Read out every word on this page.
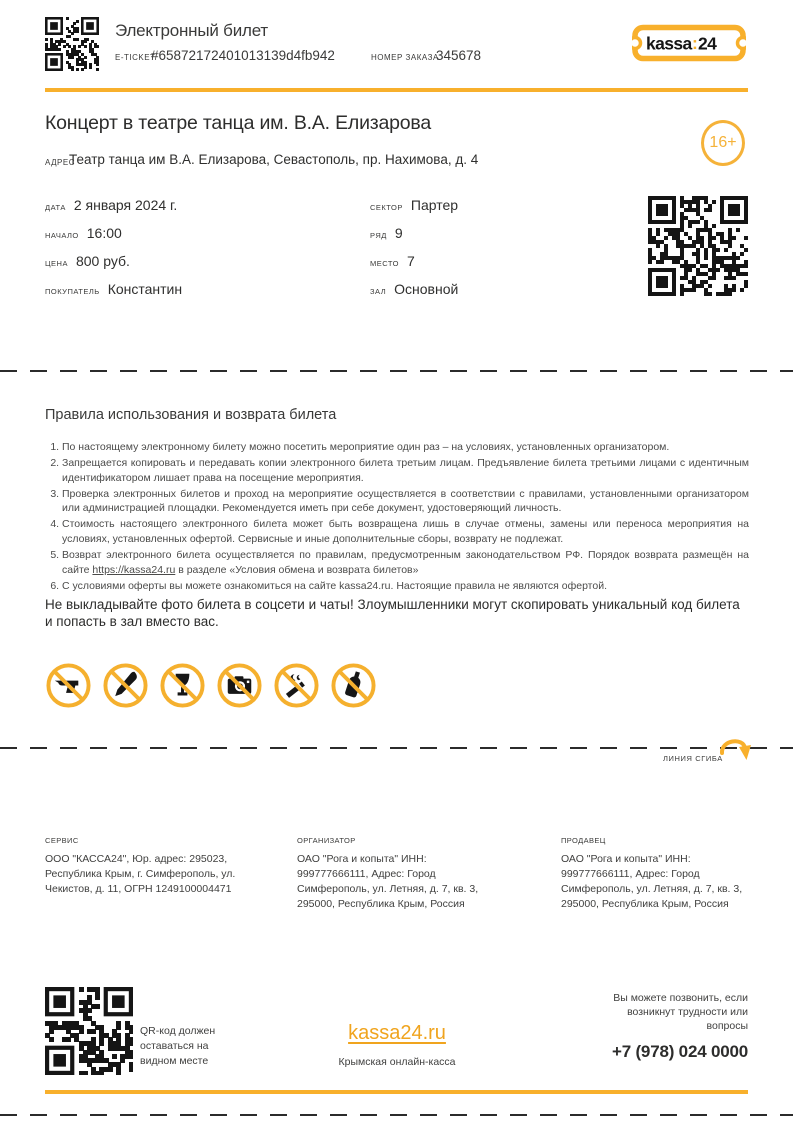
Электронный билет
E-TICKET
#65872172401013139d4fb942	НОМЕР ЗАКАЗА
345678
kassa : 24
Концерт в театре танца им. В.А. Елизарова
АДРЕС
Театр танца им В.А. Елизарова, Севастополь, пр. Нахимова, д. 4
16+
ДАТА 2 января 2024 г.
НАЧАЛО 16:00
ЦЕНА 800 руб.
ПОКУПАТЕЛЬ Константин
СЕКТОР Партер
РЯД 9
МЕСТО 7
ЗАЛ Основной
Правила использования и возврата билета
1. По настоящему электронному билету можно посетить мероприятие один раз – на условиях, установленных организатором.
2. Запрещается копировать и передавать копии электронного билета третьим лицам. Предъявление билета третьими лицами с идентичным идентификатором лишает права на посещение мероприятия.
3. Проверка электронных билетов и проход на мероприятие осуществляется в соответствии с правилами, установленными организатором или администрацией площадки. Рекомендуется иметь при себе документ, удостоверяющий личность.
4. Стоимость настоящего электронного билета может быть возвращена лишь в случае отмены, замены или переноса мероприятия на условиях, установленных офертой. Сервисные и иные дополнительные сборы, возврату не подлежат.
5. Возврат электронного билета осуществляется по правилам, предусмотренным законодательством РФ. Порядок возврата размещён на сайте https://kassa24.ru в разделе «Условия обмена и возврата билетов»
6. С условиями оферты вы можете ознакомиться на сайте kassa24.ru. Настоящие правила не являются офертой.
Не выкладывайте фото билета в соцсети и чаты! Злоумышленники могут скопировать уникальный код билета и попасть в зал вместо вас.
ЛИНИЯ СГИБА
СЕРВИС
ООО "КАССА24", Юр. адрес: 295023, Республика Крым, г. Симферополь, ул. Чекистов, д. 11, ОГРН 1249100004471
ОРГАНИЗАТОР
ОАО "Рога и копыта" ИНН: 999777666111, Адрес: Город Симферополь, ул. Летняя, д. 7, кв. 3, 295000, Республика Крым, Россия
ПРОДАВЕЦ
ОАО "Рога и копыта" ИНН: 999777666111, Адрес: Город Симферополь, ул. Летняя, д. 7, кв. 3, 295000, Республика Крым, Россия
QR-код должен оставаться на видном месте
kassa24.ru
Крымская онлайн-касса
Вы можете позвонить, если возникнут трудности или вопросы
+7 (978) 024 0000
